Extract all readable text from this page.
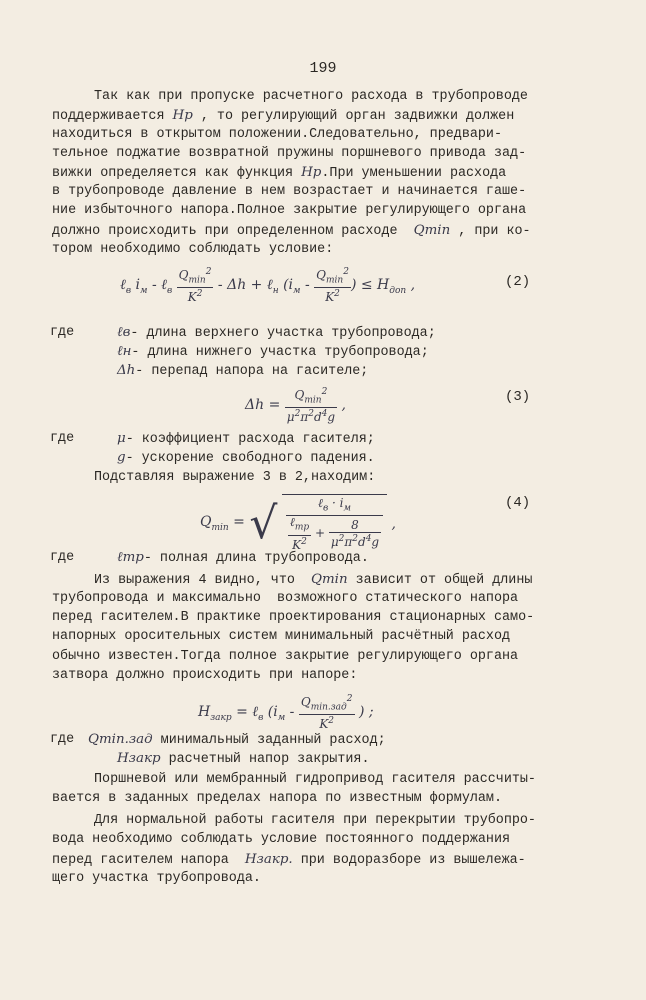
199
Так как при пропуске расчетного расхода в трубопроводе
поддерживается Hр , то регулирующий орган задвижки должен
находиться в открытом положении.Следовательно, предвари-
тельное поджатие возвратной пружины поршневого привода зад-
вижки определяется как функция Hр.При уменьшении расхода
в трубопроводе давление в нем возрастает и начинается гаше-
ние избыточного напора.Полное закрытие регулирующего органа
должно происходить при определенном расходе Qmin , при ко-
тором необходимо соблюдать условие:
ℓ$_в$ $i_м$ - ℓ$_в$ $\frac{Q_{min}^2}{K^2}$ - Δh + ℓ$_н$ ($i_м - \frac{Q_{min}^2}{K^2}$ ) ≤ $H_{доп}$ ,	(2)
где	ℓв- длина верхнего участка трубопровода;
ℓн- длина нижнего участка трубопровода;
Δh- перепад напора на гасителе;
$\Delta h = \frac{Q_{min}^2}{\mu^2\pi^2d^4g}$ ,
(3)
где	μ- коэффициент расхода гасителя;
g- ускорение свободного падения.
Подставляя выражение 3 в 2,находим:
$Q_{min}$ = √ $\frac{\ell_в \cdot i_м}{\frac{\ell_{тр}}{K^2} + \frac{8}{\mu^2\pi^2d^4g}}$ ,
(4)
где	ℓтр- полная длина трубопровода.
Из выражения 4 видно, что Qmin зависит от общей длины
трубопровода и максимально  возможного статического напора
перед гасителем.В практике проектирования стационарных само-
напорных оросительных систем минимальный расчётный расход
обычно известен.Тогда полное закрытие регулирующего органа
затвора должно происходить при напоре:
$H_{закр}$ = ℓ$_в$ ($i_м - \frac{Q_{min.зад}^2}{K^2}$ ) ;
где Qmin.зад минимальный заданный расход;
Hзакр расчетный напор закрытия.
Поршневой или мембранный гидропривод гасителя рассчиты-
вается в заданных пределах напора по известным формулам.
Для нормальной работы гасителя при перекрытии трубопро-
вода необходимо соблюдать условие постоянного поддержания
перед гасителем напора Hзакр. при водоразборе из вышележа-
щего участка трубопровода.
